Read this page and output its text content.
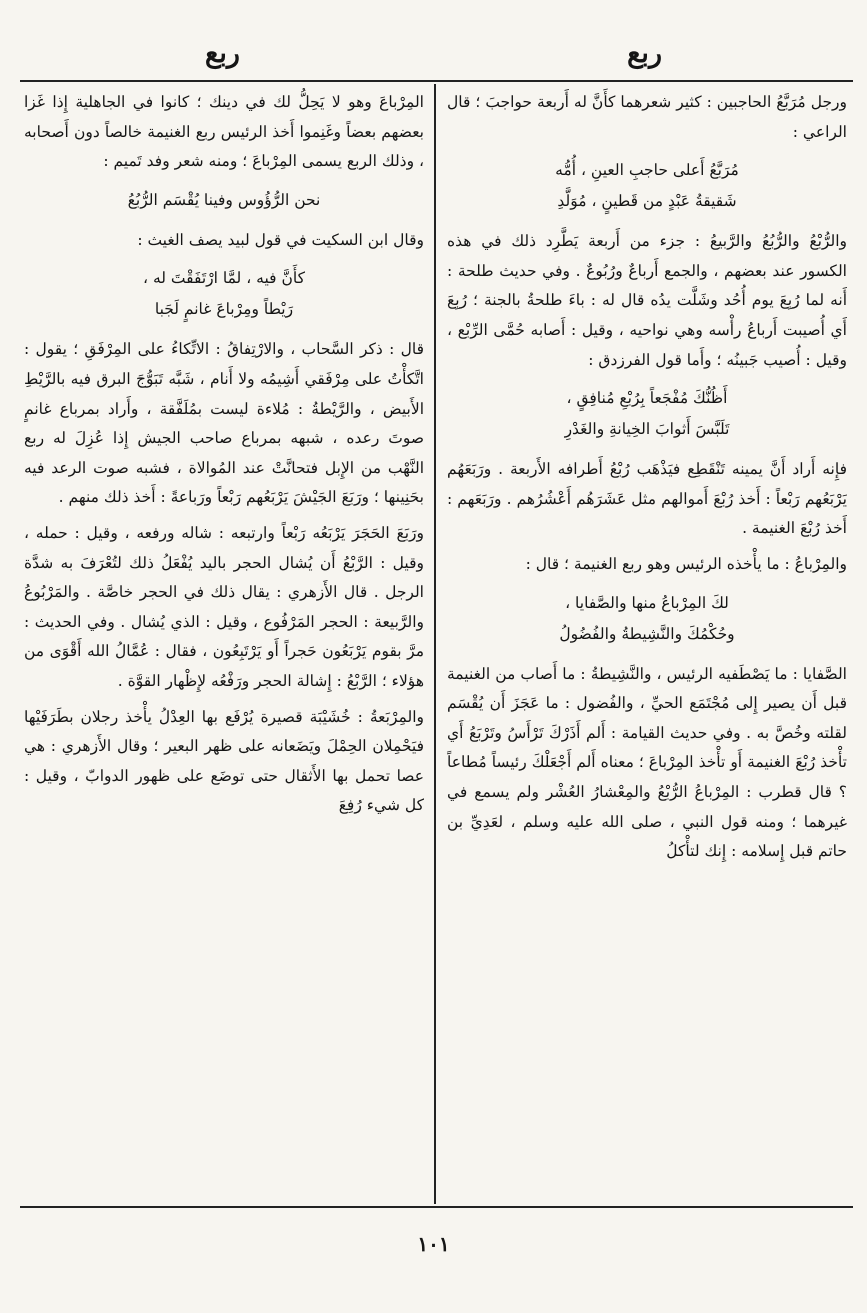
ربع
ربع

ورجل مُرَبَّعُ الحاجبين : كثير شعرهما كأَنَّ له أَربعة حواجبَ ؛ قال الراعي :

مُرَبَّعُ أَعلى حاجبِ العينِ ، أُمُّه
شَقيقةُ عَبْدٍ من قَطينٍ ، مُوَلَّدِ

والرُّبْعُ والرُّبُعُ والرَّبيعُ : جزء من أَربعة يَطَّرِد ذلك في هذه الكسور عند بعضهم ، والجمع أَرباعٌ ورُبُوعٌ . وفي حديث طلحة : أَنه لما رُبِعَ يوم أُحُد وشَلَّت يدُه قال له : باءَ طلحةُ بالجنة ؛ رُبِعَ أَي أُصيبت أَرباعُ رأْسه وهي نواحيه ، وقيل : أَصابه حُمَّى الرِّبْع ، وقيل : أُصيب جَبينُه ؛ وأَما قول الفرزدق :

أَظُنُّكَ مُفْجَعاً بِرُبْعِ مُنافِقٍ ،
تَلَبَّسَ أَثوابَ الخِيانةِ والغَدْرِ

فإِنه أَراد أَنَّ يمينه تَنْقَطِع فيَذْهَب رُبْعُ أَطرافه الأَربعة . ورَبَعَهُم يَرْبَعُهم رَبْعاً : أَخذ رُبْعَ أَموالهم مثل عَشَرَهُم أَعْشُرُهم . ورَبَعَهم : أَخذ رُبْعَ الغنيمة .

والمِرْباعُ : ما يأْخذه الرئيس وهو ربع الغنيمة ؛ قال :

لكَ المِرْباعُ منها والصَّفايا ،
وحُكْمُكَ والنَّشِيطةُ والفُضُولُ

الصَّفايا : ما يَصْطَفيه الرئيس ، والنَّشِيطةُ : ما أَصاب من الغنيمة قبل أَن يصير إِلى مُجْتَمَع الحيِّ ، والفُضول : ما عَجَزَ أَن يُقْسَم لقلته وخُصَّ به . وفي حديث القيامة : أَلم أَذَرْكَ تَرْأَسُ وتَرْبَعُ أَي تأْخذ رُبْعَ الغنيمة أَو تأْخذ المِرْباعَ ؛ معناه أَلم أَجْعَلْكَ رئيساً مُطاعاً ؟ قال قطرب : المِرْباعُ الرُّبْعُ والمِعْشارُ العُشْر ولم يسمع في غيرهما ؛ ومنه قول النبي ، صلى الله عليه وسلم ، لعَدِيِّ بن حاتم قبل إِسلامه : إِنك لتأْكلُ

المِرْباعَ وهو لا يَحِلُّ لك في دينك ؛ كانوا في الجاهلية إِذا غَزا بعضهم بعضاً وغَنِموا أَخذ الرئيس ربع الغنيمة خالصاً دون أَصحابه ، وذلك الربع يسمى المِرْباعَ ؛ ومنه شعر وفد تَميم :

نحن الرُّؤُوس وفينا يُقْسَم الرُّبُعُ

وقال ابن السكيت في قول لبيد يصف الغيث :

كأَنَّ فيه ، لمَّا ارْتَفَقْتَ له ،
رَيْطاً ومِرْباعَ غانمٍ لَجَبا

قال : ذكر السَّحاب ، والارْتِفاقُ : الاتِّكاءُ على المِرْفَقِ ؛ يقول : اتَّكأْتُ على مِرْفَقي أَشِيمُه ولا أَنام ، شَبَّه تَبَوُّجَ البرق فيه بالرَّيْطِ الأَبيض ، والرَّيْطةُ : مُلاءة ليست بمُلَفَّقة ، وأَراد بمرباع غانمٍ صوتَ رعده ، شبهه بمرباع صاحب الجيش إِذا عُزِلَ له ربع النَّهْب من الإِبل فتحانَّتْ عند المُوالاة ، فشبه صوت الرعد فيه بحَنِينها ؛ ورَبَعَ الجَيْشَ يَرْبَعُهم رَبْعاً ورَباعةً : أَخذ ذلك منهم .

ورَبَعَ الحَجَرَ يَرْبَعُه رَبْعاً وارتبعه : شاله ورفعه ، وقيل : حمله ، وقيل : الرَّبْعُ أَن يُشال الحجر باليد يُفْعَلُ ذلك لتُعْرَفَ به شدَّة الرجل . قال الأَزهري : يقال ذلك في الحجر خاصَّة . والمَرْبُوعُ والرَّبيعة : الحجر المَرْفُوع ، وقيل : الذي يُشال . وفي الحديث : مرَّ بقوم يَرْبَعُون حَجراً أَو يَرْتَبِعُون ، فقال : عُمَّالُ الله أَقْوَى من هؤلاء ؛ الرَّبْعُ : إِشالة الحجر ورَفْعُه لإِظْهار القوَّة .

والمِرْبَعةُ : خُشَيْبَة قصيرة يُرْفَع بها العِدْلُ يأْخذ رجلان بطَرَفَيْها فيَحْمِلان الحِمْلَ ويَضَعانه على ظهر البعير ؛ وقال الأَزهري : هي عصا تحمل بها الأَثقال حتى توضَع على ظهور الدوابّ ، وقيل : كل شيء رُفِعَ

١٠١
